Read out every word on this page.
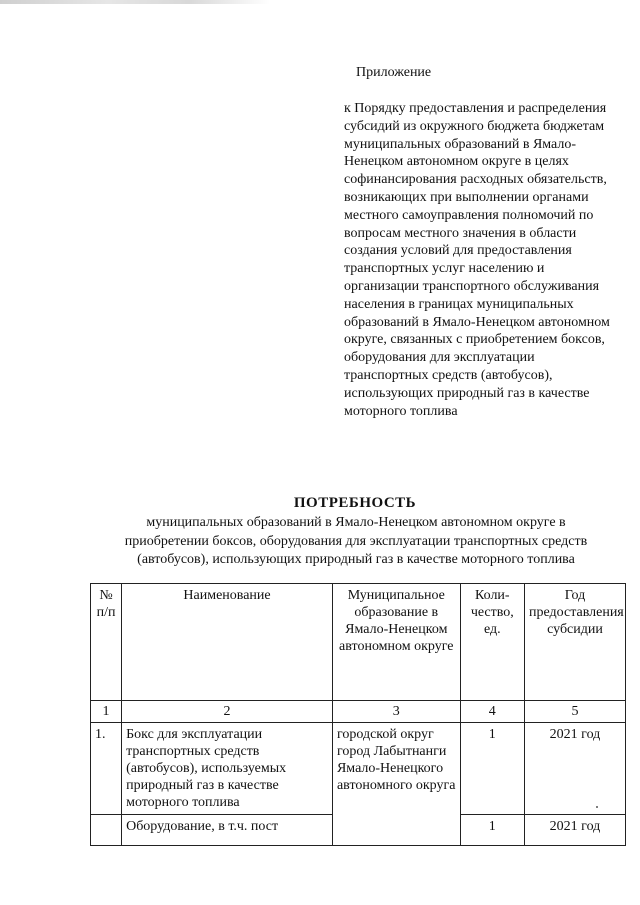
Приложение
к Порядку предоставления и распределения субсидий из окружного бюджета бюджетам муниципальных образований в Ямало-Ненецком автономном округе в целях софинансирования расходных обязательств, возникающих при выполнении органами местного самоуправления полномочий по вопросам местного значения в области создания условий для предоставления транспортных услуг населению и организации транспортного обслуживания населения в границах муниципальных образований в Ямало-Ненецком автономном округе, связанных с приобретением боксов, оборудования для эксплуатации транспортных средств (автобусов), использующих природный газ в качестве моторного топлива
ПОТРЕБНОСТЬ
муниципальных образований в Ямало-Ненецком автономном округе в приобретении боксов, оборудования для эксплуатации транспортных средств (автобусов), использующих природный газ в качестве моторного топлива
№ п/п	Наименование	Муниципальное образование в Ямало-Ненецком автономном округе	Коли-чество, ед.	Год предоставления субсидии
1	2	3	4	5
1.	Бокс для эксплуатации транспортных средств (автобусов), используемых природный газ в качестве моторного топлива	городской округ город Лабытнанги Ямало-Ненецкого автономного округа	1	2021 год
	Оборудование, в т.ч. пост		1	2021 год
